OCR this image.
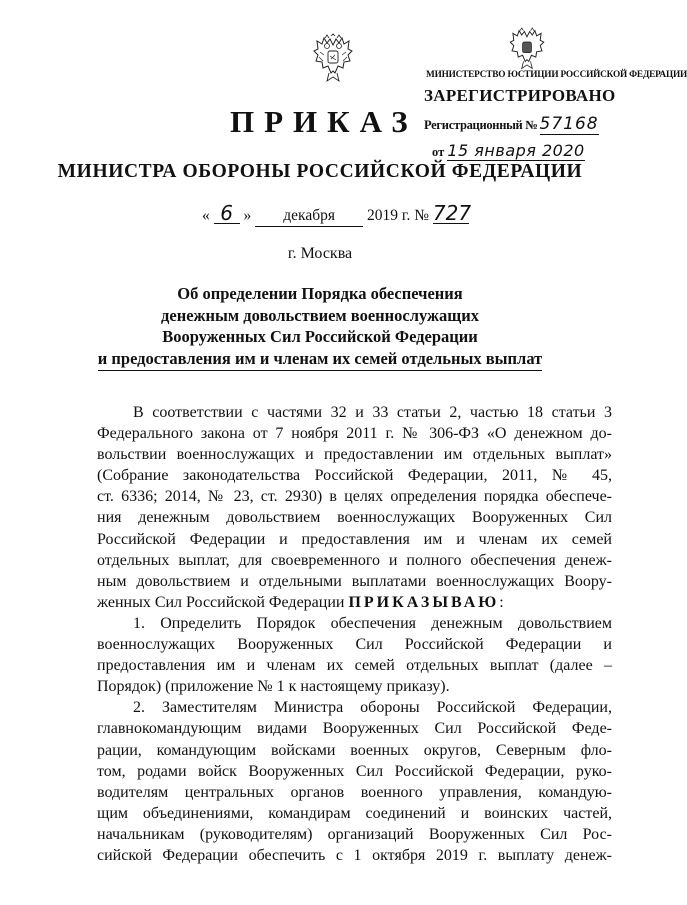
МИНИСТЕРСТВО ЮСТИЦИИ РОССИЙСКОЙ ФЕДЕРАЦИИ
ЗАРЕГИСТРИРОВАНО
Регистрационный № 57168
от 15 января 2020
ПРИКАЗ
МИНИСТРА ОБОРОНЫ РОССИЙСКОЙ ФЕДЕРАЦИИ
« 6 » декабря 2019 г. № 727
г. Москва
Об определении Порядка обеспечения
денежным довольствием военнослужащих
Вооруженных Сил Российской Федерации
и предоставления им и членам их семей отдельных выплат

В соответствии с частями 32 и 33 статьи 2, частью 18 статьи 3

Федерального закона от 7 ноября 2011 г. № 306-ФЗ «О денежном до-

вольствии военнослужащих и предоставлении им отдельных выплат»

(Собрание законодательства Российской Федерации, 2011, № 45,

ст. 6336; 2014, № 23, ст. 2930) в целях определения порядка обеспече-

ния денежным довольствием военнослужащих Вооруженных Сил

Российской Федерации и предоставления им и членам их семей

отдельных выплат, для своевременного и полного обеспечения денеж-

ным довольствием и отдельными выплатами военнослужащих Воору-

женных Сил Российской Федерации ПРИКАЗЫВАЮ:

1. Определить Порядок обеспечения денежным довольствием

военнослужащих Вооруженных Сил Российской Федерации и

предоставления им и членам их семей отдельных выплат (далее –

Порядок) (приложение № 1 к настоящему приказу).

2. Заместителям Министра обороны Российской Федерации,

главнокомандующим видами Вооруженных Сил Российской Феде-

рации, командующим войсками военных округов, Северным фло-

том, родами войск Вооруженных Сил Российской Федерации, руко-

водителям центральных органов военного управления, командую-

щим объединениями, командирам соединений и воинских частей,

начальникам (руководителям) организаций Вооруженных Сил Рос-

сийской Федерации обеспечить с 1 октября 2019 г. выплату денеж-
